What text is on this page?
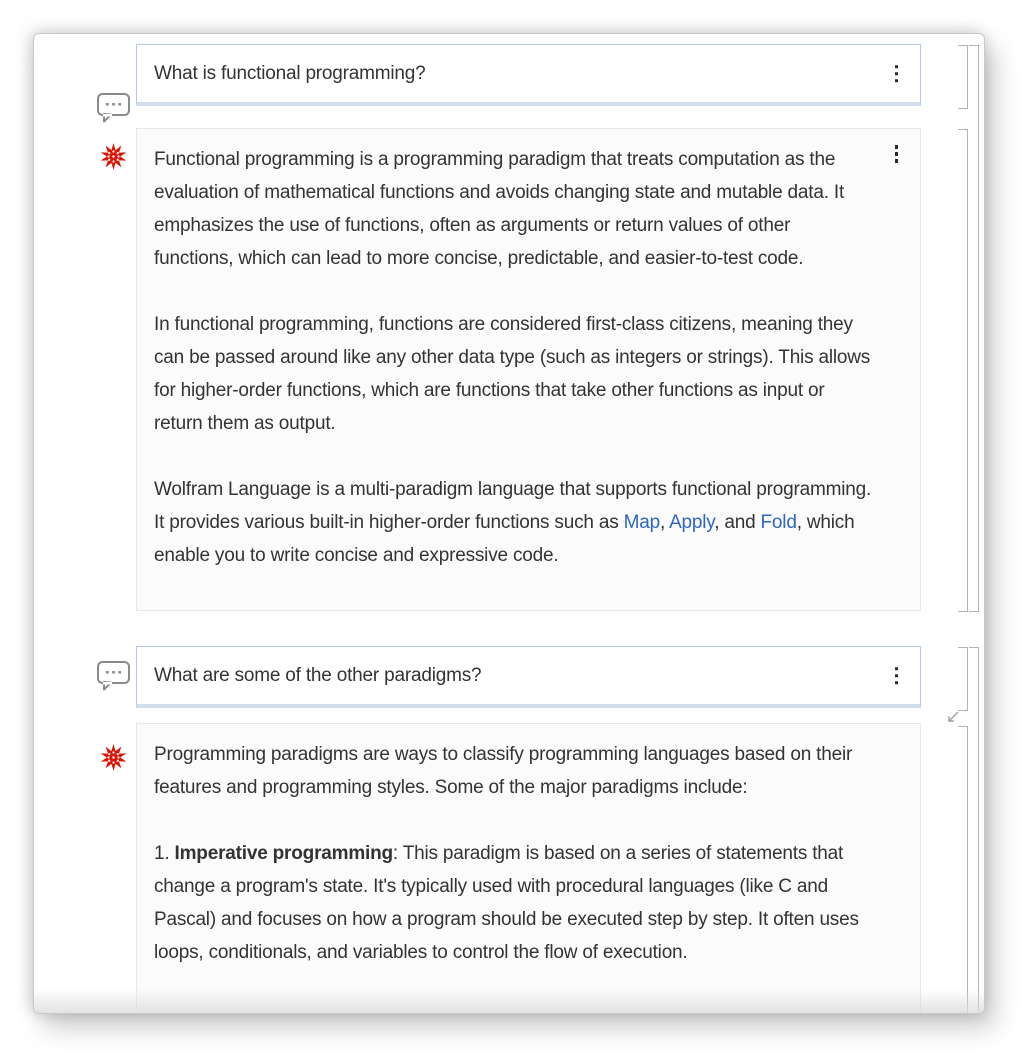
What is functional programming?

Functional programming is a programming paradigm that treats computation as the evaluation of mathematical functions and avoids changing state and mutable data. It emphasizes the use of functions, often as arguments or return values of other functions, which can lead to more concise, predictable, and easier-to-test code.

In functional programming, functions are considered first-class citizens, meaning they can be passed around like any other data type (such as integers or strings). This allows for higher-order functions, which are functions that take other functions as input or return them as output.

Wolfram Language is a multi-paradigm language that supports functional programming. It provides various built-in higher-order functions such as Map, Apply, and Fold, which enable you to write concise and expressive code.

What are some of the other paradigms?

Programming paradigms are ways to classify programming languages based on their features and programming styles. Some of the major paradigms include:

1. Imperative programming: This paradigm is based on a series of statements that change a program's state. It's typically used with procedural languages (like C and Pascal) and focuses on how a program should be executed step by step. It often uses loops, conditionals, and variables to control the flow of execution.
